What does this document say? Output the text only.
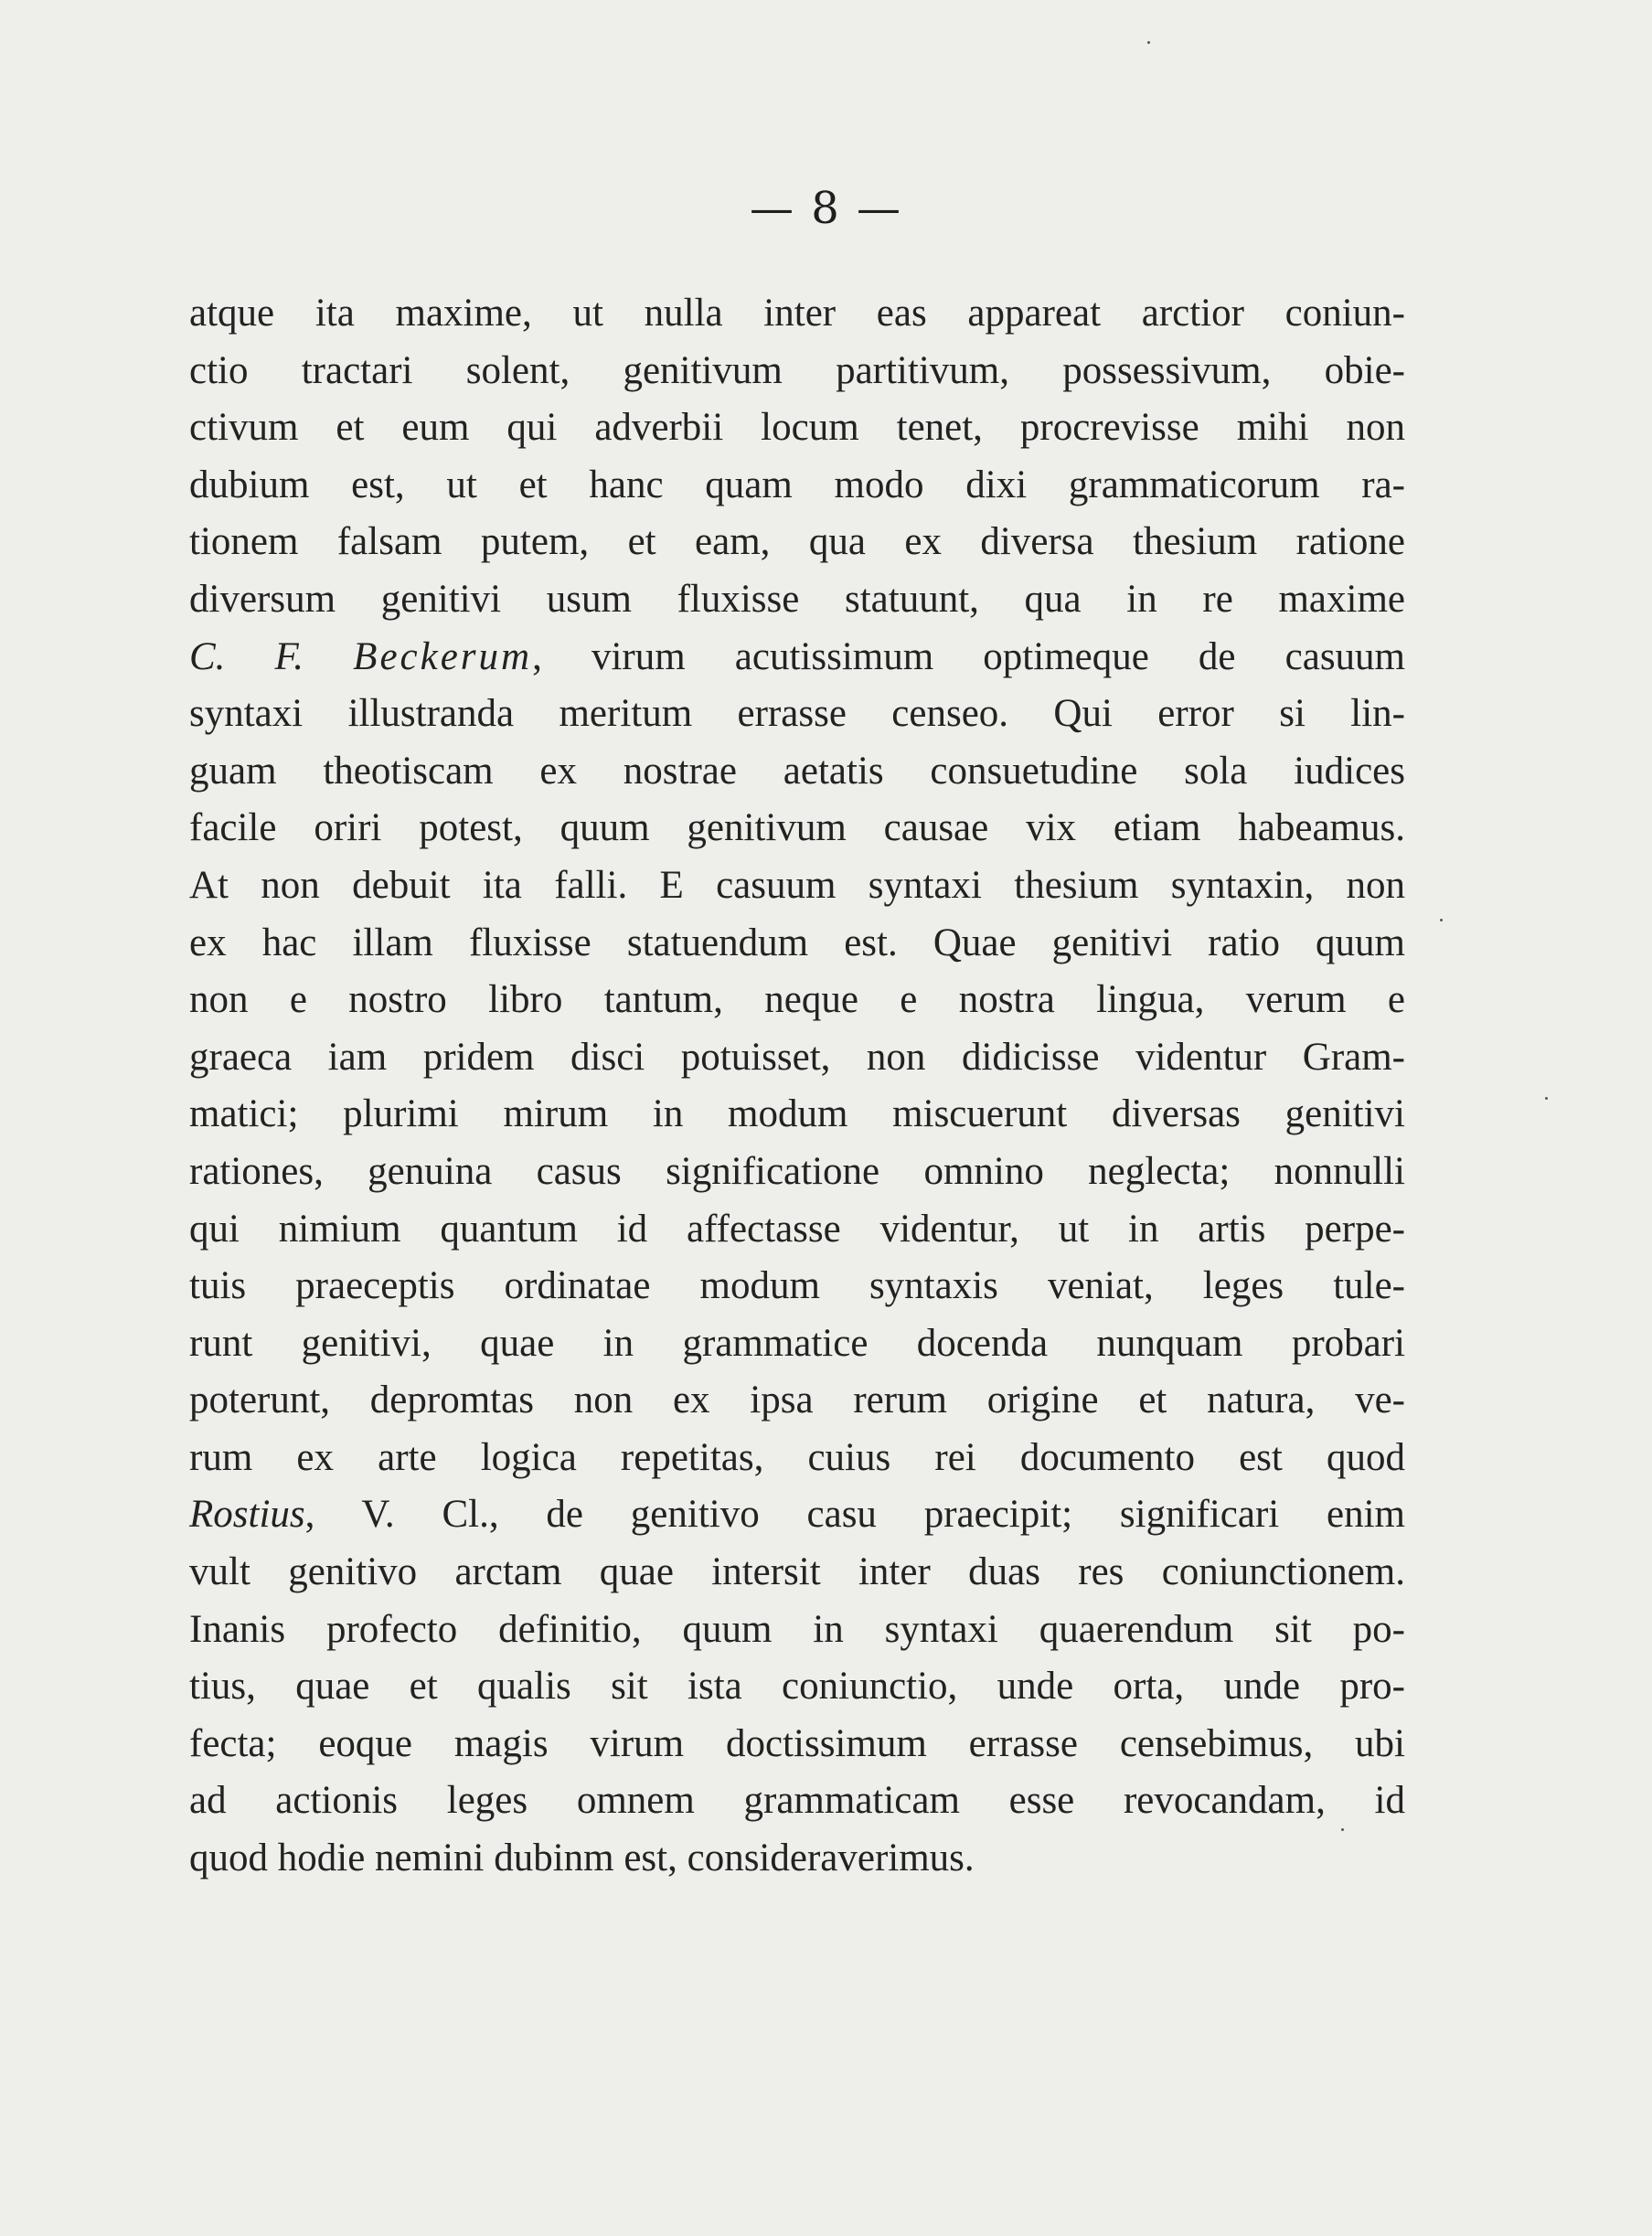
— 8 —
atque ita maxime, ut nulla inter eas appareat arctior coniun-
ctio tractari solent, genitivum partitivum, possessivum, obie-
ctivum et eum qui adverbii locum tenet, procrevisse mihi non
dubium est, ut et hanc quam modo dixi grammaticorum ra-
tionem falsam putem, et eam, qua ex diversa thesium ratione
diversum genitivi usum fluxisse statuunt, qua in re maxime
C. F. Beckerum, virum acutissimum optimeque de casuum
syntaxi illustranda meritum errasse censeo. Qui error si lin-
guam theotiscam ex nostrae aetatis consuetudine sola iudices
facile oriri potest, quum genitivum causae vix etiam habeamus.
At non debuit ita falli. E casuum syntaxi thesium syntaxin, non
ex hac illam fluxisse statuendum est. Quae genitivi ratio quum
non e nostro libro tantum, neque e nostra lingua, verum e
graeca iam pridem disci potuisset, non didicisse videntur Gram-
matici; plurimi mirum in modum miscuerunt diversas genitivi
rationes, genuina casus significatione omnino neglecta; nonnulli
qui nimium quantum id affectasse videntur, ut in artis perpe-
tuis praeceptis ordinatae modum syntaxis veniat, leges tule-
runt genitivi, quae in grammatice docenda nunquam probari
poterunt, depromtas non ex ipsa rerum origine et natura, ve-
rum ex arte logica repetitas, cuius rei documento est quod
Rostius, V. Cl., de genitivo casu praecipit; significari enim
vult genitivo arctam quae intersit inter duas res coniunctionem.
Inanis profecto definitio, quum in syntaxi quaerendum sit po-
tius, quae et qualis sit ista coniunctio, unde orta, unde pro-
fecta; eoque magis virum doctissimum errasse censebimus, ubi
ad actionis leges omnem grammaticam esse revocandam, id
quod hodie nemini dubinm est, consideraverimus.
